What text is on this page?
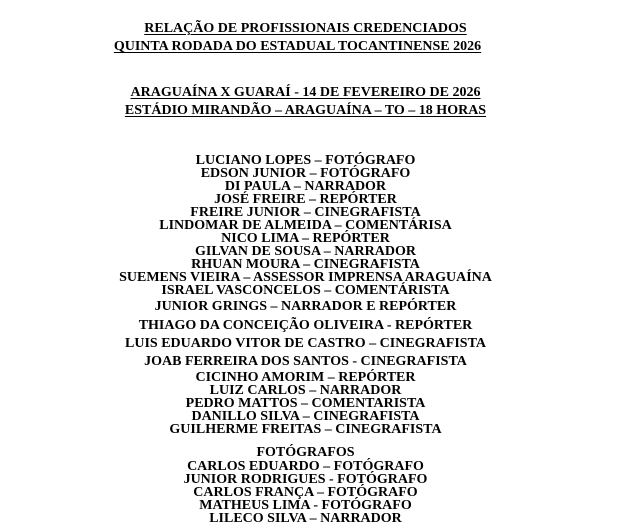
RELAÇÃO DE PROFISSIONAIS CREDENCIADOS
QUINTA RODADA DO ESTADUAL TOCANTINENSE 2026
ARAGUAÍNA X GUARAÍ - 14 DE FEVEREIRO DE 2026
ESTÁDIO MIRANDÃO – ARAGUAÍNA – TO – 18 HORAS
LUCIANO LOPES – FOTÓGRAFO
EDSON JUNIOR – FOTÓGRAFO
DI PAULA – NARRADOR
JOSÉ FREIRE – REPÓRTER
FREIRE JUNIOR – CINEGRAFISTA
LINDOMAR DE ALMEIDA – COMENTÁRISA
NICO LIMA – REPÓRTER
GILVAN DE SOUSA – NARRADOR
RHUAN MOURA – CINEGRAFISTA
SUEMENS VIEIRA – ASSESSOR IMPRENSA ARAGUAÍNA
ISRAEL VASCONCELOS – COMENTÁRISTA
JUNIOR GRINGS – NARRADOR E REPÓRTER
THIAGO DA CONCEIÇÃO OLIVEIRA - REPÓRTER
LUIS EDUARDO VITOR DE CASTRO – CINEGRAFISTA
JOAB FERREIRA DOS SANTOS - CINEGRAFISTA
CICINHO AMORIM – REPÓRTER
LUIZ CARLOS – NARRADOR
PEDRO MATTOS – COMENTARISTA
DANILLO SILVA – CINEGRAFISTA
GUILHERME FREITAS – CINEGRAFISTA
FOTÓGRAFOS
CARLOS EDUARDO – FOTÓGRAFO
JUNIOR RODRIGUES - FOTÓGRAFO
CARLOS FRANÇA – FOTÓGRAFO
MATHEUS LIMA - FOTÓGRAFO
LILECO SILVA – NARRADOR
